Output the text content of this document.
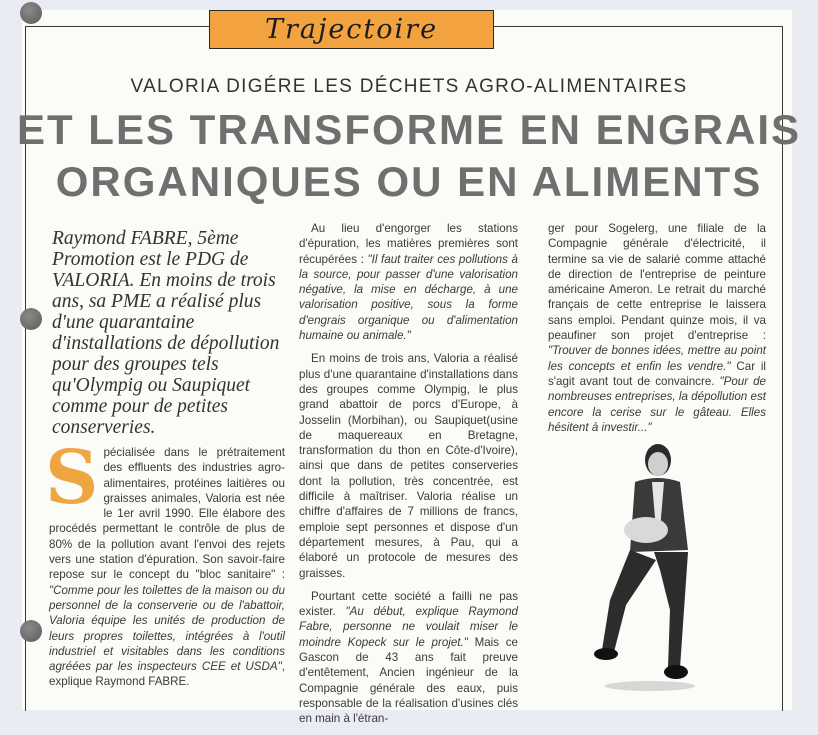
Trajectoire
VALORIA DIGÉRE LES DÉCHETS AGRO-ALIMENTAIRES
ET LES TRANSFORME EN ENGRAIS
ORGANIQUES OU EN ALIMENTS
Raymond FABRE, 5ème Promotion est le PDG de VALORIA. En moins de trois ans, sa PME a réalisé plus d'une quarantaine d'installations de dépollution pour des groupes tels qu'Olympig ou Saupiquet comme pour de petites conserveries.

Spécialisée dans le prétraitement des effluents des industries agro-alimentaires, protéines laitières ou graisses animales, Valoria est née le 1er avril 1990. Elle élabore des procédés permettant le contrôle de plus de 80% de la pollution avant l'envoi des rejets vers une station d'épuration. Son savoir-faire repose sur le concept du "bloc sanitaire" : "Comme pour les toilettes de la maison ou du personnel de la conserverie ou de l'abattoir, Valoria équipe les unités de production de leurs propres toilettes, intégrées à l'outil industriel et visitables dans les conditions agréées par les inspecteurs CEE et USDA", explique Raymond FABRE.

Au lieu d'engorger les stations d'épuration, les matières premières sont récupérées : "Il faut traiter ces pollutions à la source, pour passer d'une valorisation négative, la mise en décharge, à une valorisation positive, sous la forme d'engrais organique ou d'alimentation humaine ou animale."

En moins de trois ans, Valoria a réalisé plus d'une quarantaine d'installations dans des groupes comme Olympig, le plus grand abattoir de porcs d'Europe, à Josselin (Morbihan), ou Saupiquet(usine de maquereaux en Bretagne, transformation du thon en Côte-d'Ivoire), ainsi que dans de petites conserveries dont la pollution, très concentrée, est difficile à maîtriser. Valoria réalise un chiffre d'affaires de 7 millions de francs, emploie sept personnes et dispose d'un département mesures, à Pau, qui a élaboré un protocole de mesures des graisses.

Pourtant cette société a failli ne pas exister. "Au début, explique Raymond Fabre, personne ne voulait miser le moindre Kopeck sur le projet." Mais ce Gascon de 43 ans fait preuve d'entêtement, Ancien ingénieur de la Compagnie générale des eaux, puis responsable de la réalisation d'usines clés en main à l'étran-

ger pour Sogelerg, une filiale de la Compagnie générale d'électricité, il termine sa vie de salarié comme attaché de direction de l'entreprise de peinture américaine Ameron. Le retrait du marché français de cette entreprise le laissera sans emploi. Pendant quinze mois, il va peaufiner son projet d'entreprise : "Trouver de bonnes idées, mettre au point les concepts et enfin les vendre." Car il s'agit avant tout de convaincre. "Pour de nombreuses entreprises, la dépollution est encore la cerise sur le gâteau. Elles hésitent à investir..."
